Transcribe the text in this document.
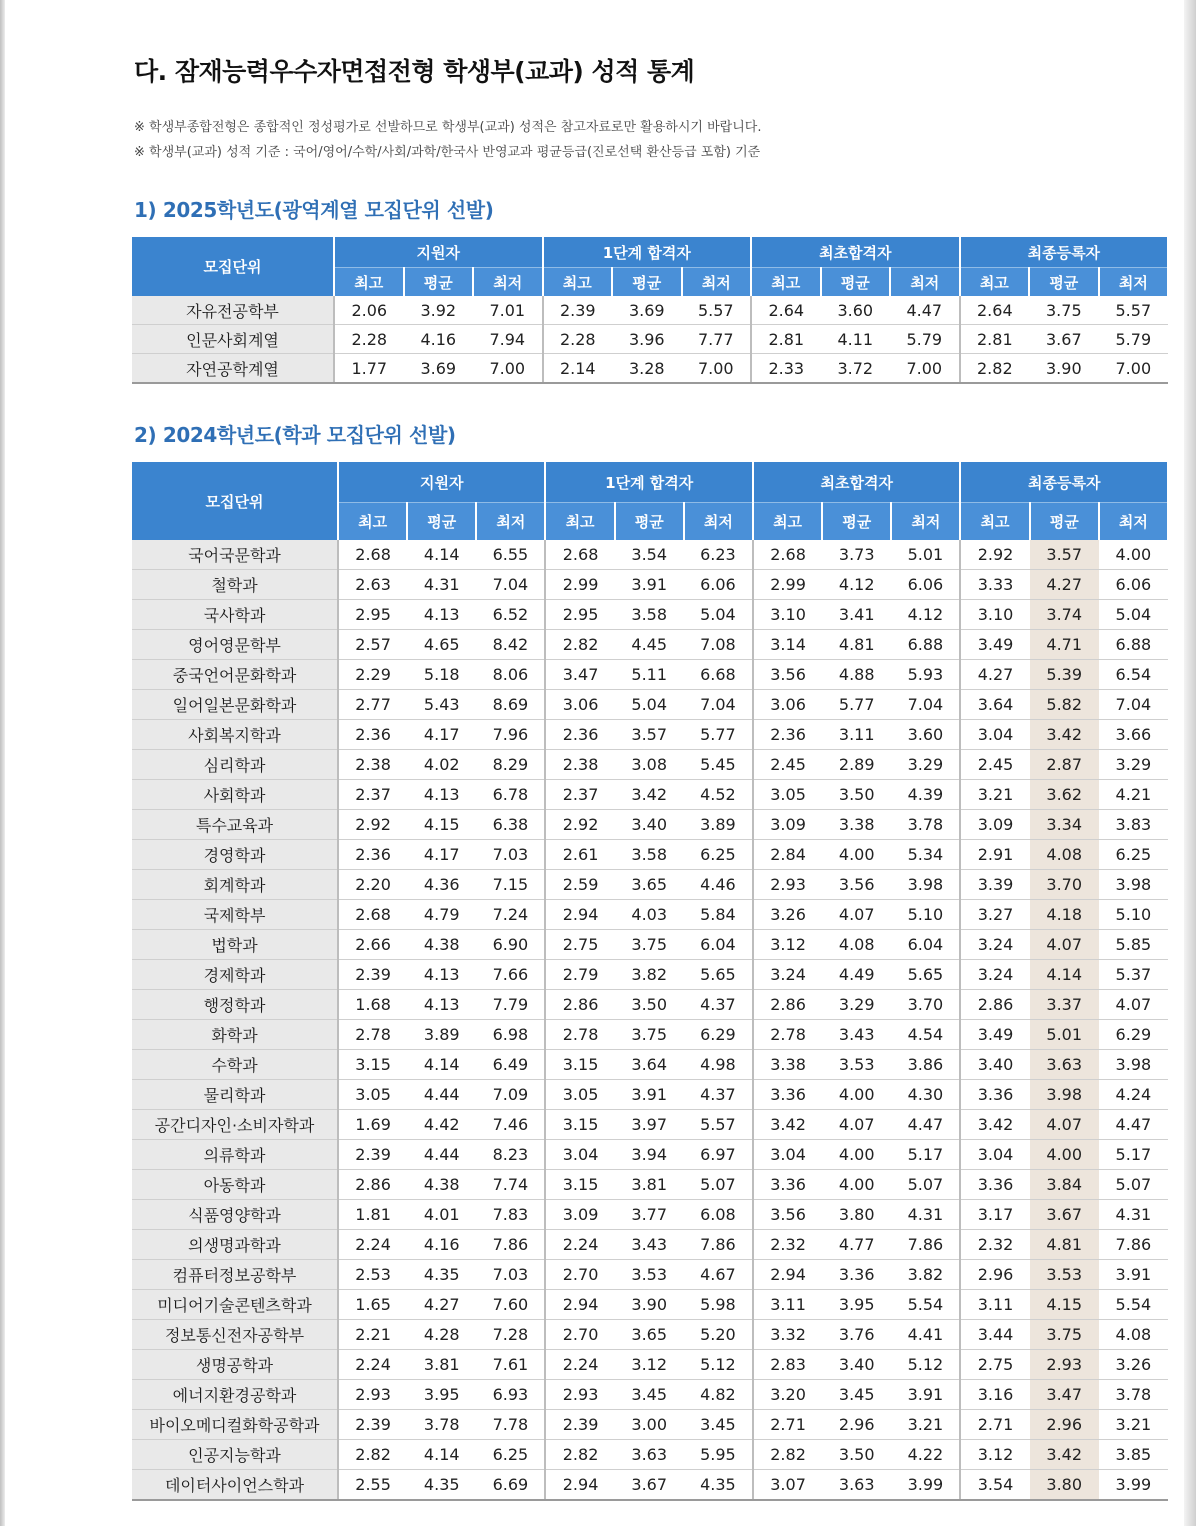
다. 잠재능력우수자면접전형 학생부(교과) 성적 통계
※ 학생부종합전형은 종합적인 정성평가로 선발하므로 학생부(교과) 성적은 참고자료로만 활용하시기 바랍니다.
※ 학생부(교과) 성적 기준 : 국어/영어/수학/사회/과학/한국사 반영교과 평균등급(진로선택 환산등급 포함) 기준
1) 2025학년도(광역계열 모집단위 선발)
모집단위	지원자			1단계 합격자			최초합격자			최종등록자		
	최고	평균	최저	최고	평균	최저	최고	평균	최저	최고	평균	최저
자유전공학부	2.06	3.92	7.01	2.39	3.69	5.57	2.64	3.60	4.47	2.64	3.75	5.57
인문사회계열	2.28	4.16	7.94	2.28	3.96	7.77	2.81	4.11	5.79	2.81	3.67	5.79
자연공학계열	1.77	3.69	7.00	2.14	3.28	7.00	2.33	3.72	7.00	2.82	3.90	7.00
2) 2024학년도(학과 모집단위 선발)
모집단위	지원자			1단계 합격자			최초합격자			최종등록자		
	최고	평균	최저	최고	평균	최저	최고	평균	최저	최고	평균	최저
국어국문학과	2.68	4.14	6.55	2.68	3.54	6.23	2.68	3.73	5.01	2.92	3.57	4.00
철학과	2.63	4.31	7.04	2.99	3.91	6.06	2.99	4.12	6.06	3.33	4.27	6.06
국사학과	2.95	4.13	6.52	2.95	3.58	5.04	3.10	3.41	4.12	3.10	3.74	5.04
영어영문학부	2.57	4.65	8.42	2.82	4.45	7.08	3.14	4.81	6.88	3.49	4.71	6.88
중국언어문화학과	2.29	5.18	8.06	3.47	5.11	6.68	3.56	4.88	5.93	4.27	5.39	6.54
일어일본문화학과	2.77	5.43	8.69	3.06	5.04	7.04	3.06	5.77	7.04	3.64	5.82	7.04
사회복지학과	2.36	4.17	7.96	2.36	3.57	5.77	2.36	3.11	3.60	3.04	3.42	3.66
심리학과	2.38	4.02	8.29	2.38	3.08	5.45	2.45	2.89	3.29	2.45	2.87	3.29
사회학과	2.37	4.13	6.78	2.37	3.42	4.52	3.05	3.50	4.39	3.21	3.62	4.21
특수교육과	2.92	4.15	6.38	2.92	3.40	3.89	3.09	3.38	3.78	3.09	3.34	3.83
경영학과	2.36	4.17	7.03	2.61	3.58	6.25	2.84	4.00	5.34	2.91	4.08	6.25
회계학과	2.20	4.36	7.15	2.59	3.65	4.46	2.93	3.56	3.98	3.39	3.70	3.98
국제학부	2.68	4.79	7.24	2.94	4.03	5.84	3.26	4.07	5.10	3.27	4.18	5.10
법학과	2.66	4.38	6.90	2.75	3.75	6.04	3.12	4.08	6.04	3.24	4.07	5.85
경제학과	2.39	4.13	7.66	2.79	3.82	5.65	3.24	4.49	5.65	3.24	4.14	5.37
행정학과	1.68	4.13	7.79	2.86	3.50	4.37	2.86	3.29	3.70	2.86	3.37	4.07
화학과	2.78	3.89	6.98	2.78	3.75	6.29	2.78	3.43	4.54	3.49	5.01	6.29
수학과	3.15	4.14	6.49	3.15	3.64	4.98	3.38	3.53	3.86	3.40	3.63	3.98
물리학과	3.05	4.44	7.09	3.05	3.91	4.37	3.36	4.00	4.30	3.36	3.98	4.24
공간디자인·소비자학과	1.69	4.42	7.46	3.15	3.97	5.57	3.42	4.07	4.47	3.42	4.07	4.47
의류학과	2.39	4.44	8.23	3.04	3.94	6.97	3.04	4.00	5.17	3.04	4.00	5.17
아동학과	2.86	4.38	7.74	3.15	3.81	5.07	3.36	4.00	5.07	3.36	3.84	5.07
식품영양학과	1.81	4.01	7.83	3.09	3.77	6.08	3.56	3.80	4.31	3.17	3.67	4.31
의생명과학과	2.24	4.16	7.86	2.24	3.43	7.86	2.32	4.77	7.86	2.32	4.81	7.86
컴퓨터정보공학부	2.53	4.35	7.03	2.70	3.53	4.67	2.94	3.36	3.82	2.96	3.53	3.91
미디어기술콘텐츠학과	1.65	4.27	7.60	2.94	3.90	5.98	3.11	3.95	5.54	3.11	4.15	5.54
정보통신전자공학부	2.21	4.28	7.28	2.70	3.65	5.20	3.32	3.76	4.41	3.44	3.75	4.08
생명공학과	2.24	3.81	7.61	2.24	3.12	5.12	2.83	3.40	5.12	2.75	2.93	3.26
에너지환경공학과	2.93	3.95	6.93	2.93	3.45	4.82	3.20	3.45	3.91	3.16	3.47	3.78
바이오메디컬화학공학과	2.39	3.78	7.78	2.39	3.00	3.45	2.71	2.96	3.21	2.71	2.96	3.21
인공지능학과	2.82	4.14	6.25	2.82	3.63	5.95	2.82	3.50	4.22	3.12	3.42	3.85
데이터사이언스학과	2.55	4.35	6.69	2.94	3.67	4.35	3.07	3.63	3.99	3.54	3.80	3.99
